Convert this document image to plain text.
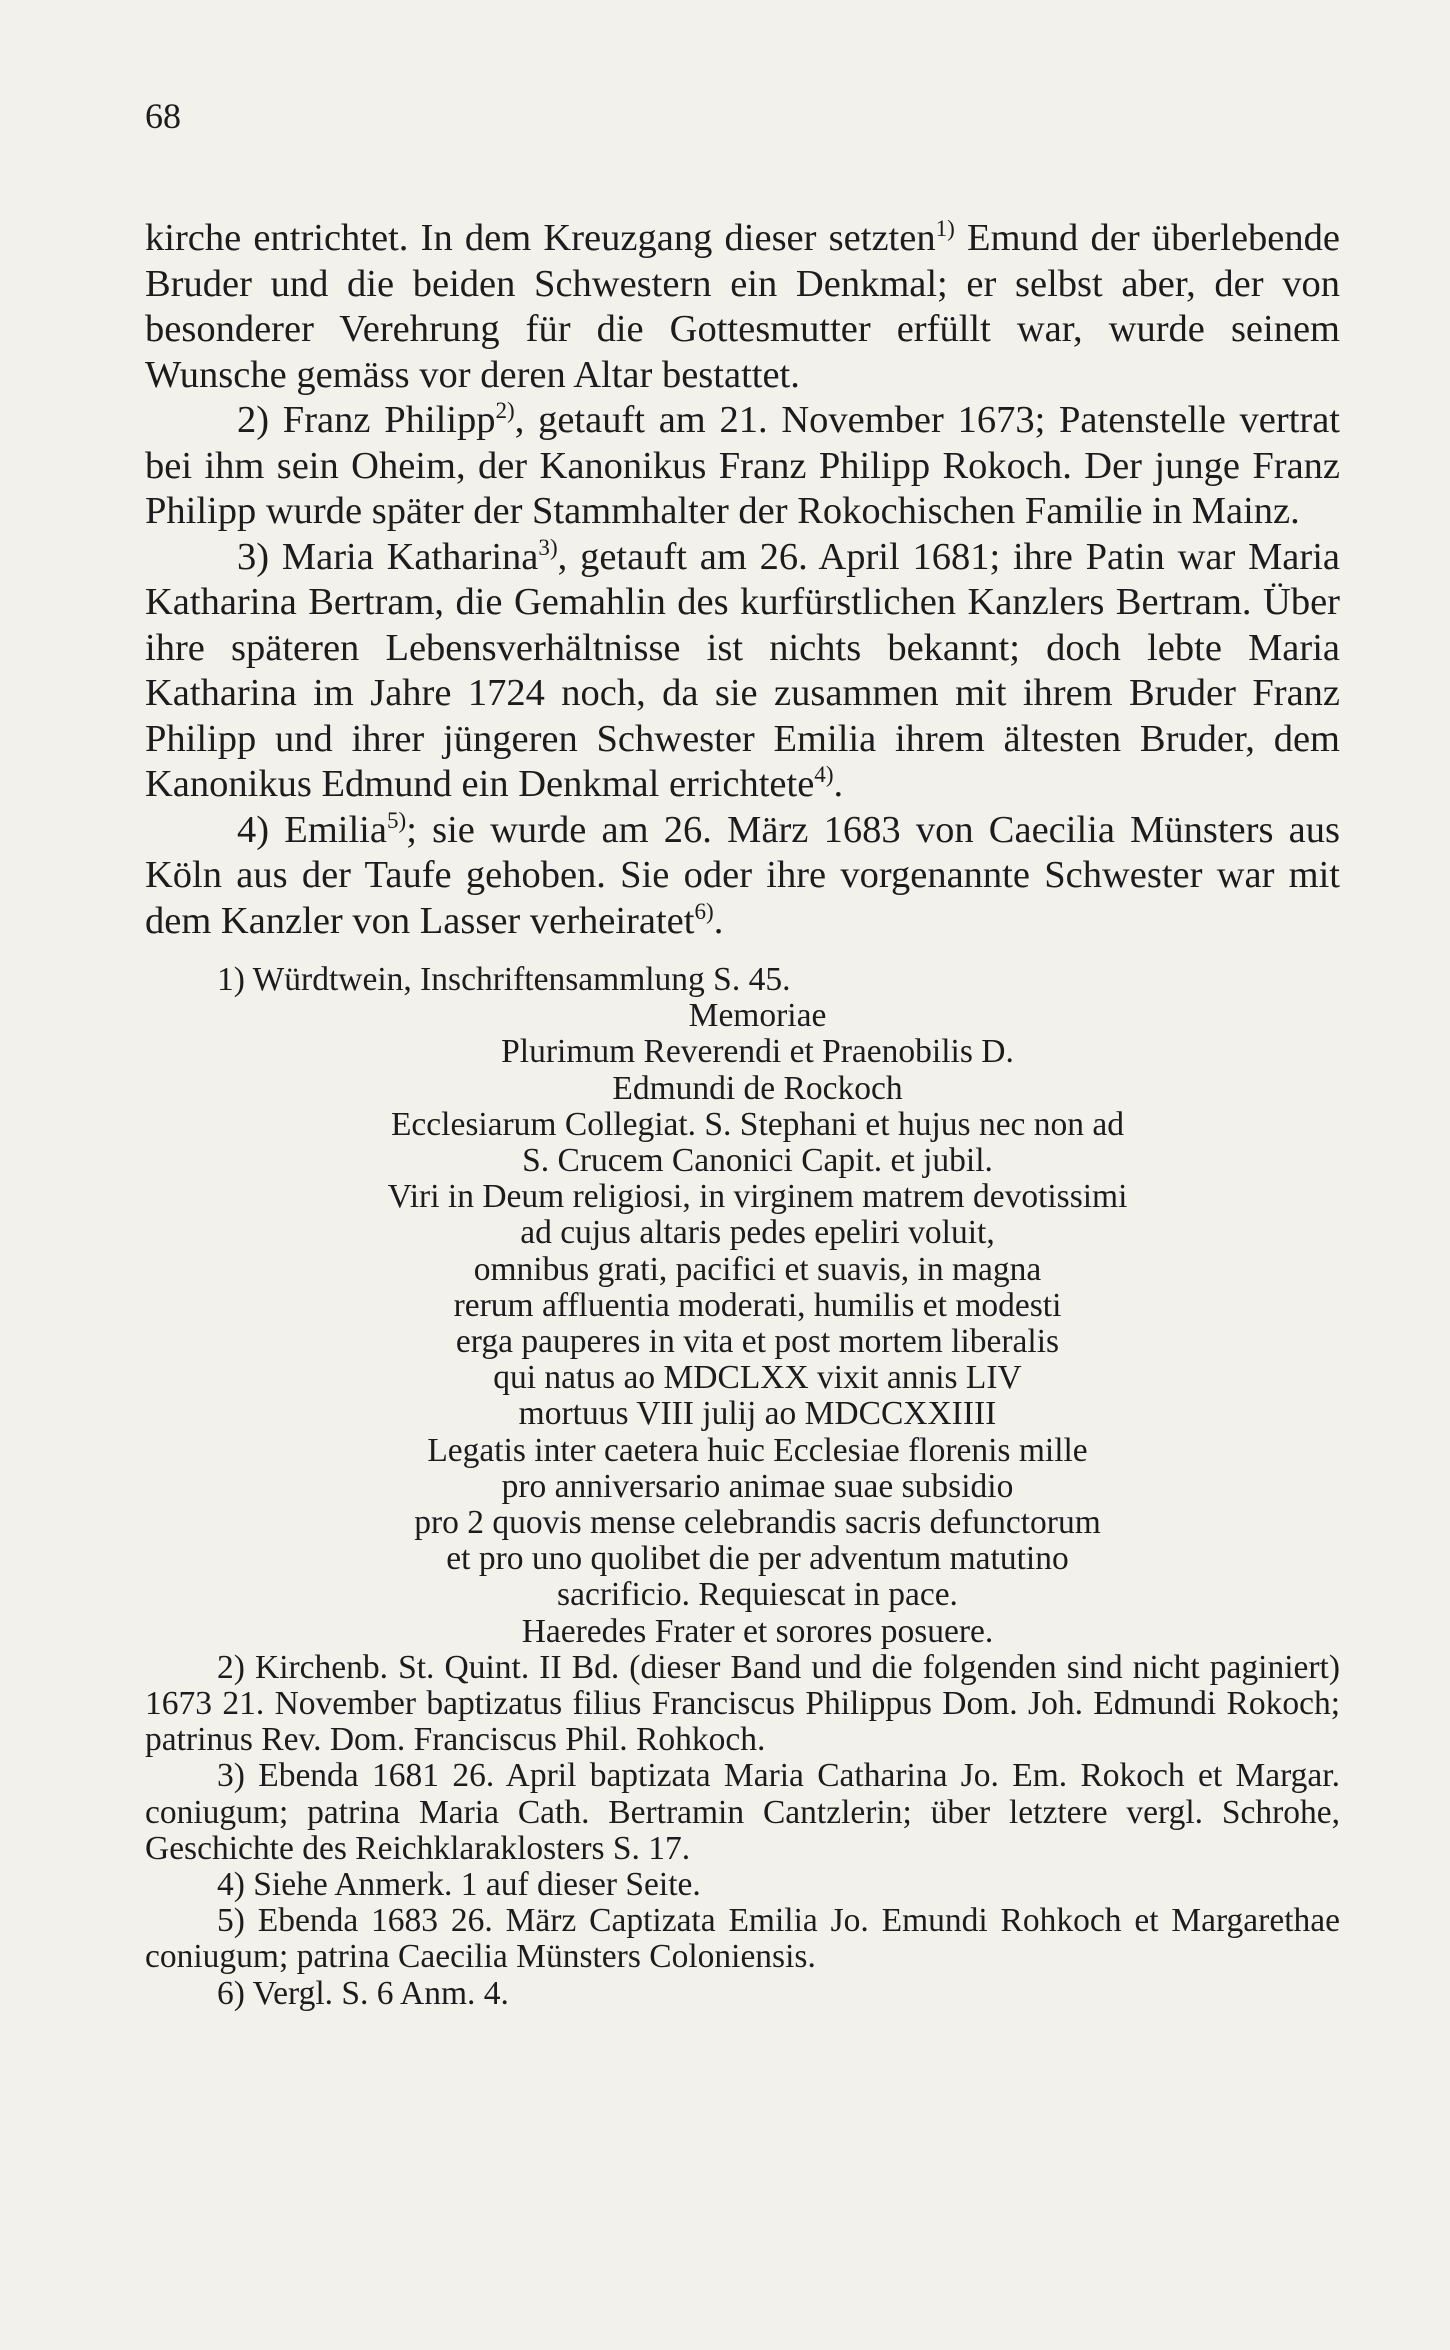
68

kirche entrichtet. In dem Kreuzgang dieser setzten$^{1)}$ Emund der überlebende Bruder und die beiden Schwestern ein Denkmal; er selbst aber, der von besonderer Verehrung für die Gottesmutter erfüllt war, wurde seinem Wunsche gemäss vor deren Altar bestattet.

2) Franz Philipp$^{2)}$, getauft am 21. November 1673; Patenstelle vertrat bei ihm sein Oheim, der Kanonikus Franz Philipp Rokoch. Der junge Franz Philipp wurde später der Stammhalter der Rokochischen Familie in Mainz.

3) Maria Katharina$^{3)}$, getauft am 26. April 1681; ihre Patin war Maria Katharina Bertram, die Gemahlin des kurfürstlichen Kanzlers Bertram. Über ihre späteren Lebensverhältnisse ist nichts bekannt; doch lebte Maria Katharina im Jahre 1724 noch, da sie zusammen mit ihrem Bruder Franz Philipp und ihrer jüngeren Schwester Emilia ihrem ältesten Bruder, dem Kanonikus Edmund ein Denkmal errichtete$^{4)}$.

4) Emilia$^{5)}$; sie wurde am 26. März 1683 von Caecilia Münsters aus Köln aus der Taufe gehoben. Sie oder ihre vorgenannte Schwester war mit dem Kanzler von Lasser verheiratet$^{6)}$.

1) Würdtwein, Inschriftensammlung S. 45.

Memoriae
Plurimum Reverendi et Praenobilis D.
Edmundi de Rockoch
Ecclesiarum Collegiat. S. Stephani et hujus nec non ad
S. Crucem Canonici Capit. et jubil.
Viri in Deum religiosi, in virginem matrem devotissimi
ad cujus altaris pedes epeliri voluit,
omnibus grati, pacifici et suavis, in magna
rerum affluentia moderati, humilis et modesti
erga pauperes in vita et post mortem liberalis
qui natus ao MDCLXX vixit annis LIV
mortuus VIII julij ao MDCCXXIIII
Legatis inter caetera huic Ecclesiae florenis mille
pro anniversario animae suae subsidio
pro 2 quovis mense celebrandis sacris defunctorum
et pro uno quolibet die per adventum matutino
sacrificio. Requiescat in pace.
Haeredes Frater et sorores posuere.

2) Kirchenb. St. Quint. II Bd. (dieser Band und die folgenden sind nicht paginiert) 1673 21. November baptizatus filius Franciscus Philippus Dom. Joh. Edmundi Rokoch; patrinus Rev. Dom. Franciscus Phil. Rohkoch.

3) Ebenda 1681 26. April baptizata Maria Catharina Jo. Em. Rokoch et Margar. coniugum; patrina Maria Cath. Bertramin Cantzlerin; über letztere vergl. Schrohe, Geschichte des Reichklaraklosters S. 17.

4) Siehe Anmerk. 1 auf dieser Seite.

5) Ebenda 1683 26. März Captizata Emilia Jo. Emundi Rohkoch et Margarethae coniugum; patrina Caecilia Münsters Coloniensis.

6) Vergl. S. 6 Anm. 4.
